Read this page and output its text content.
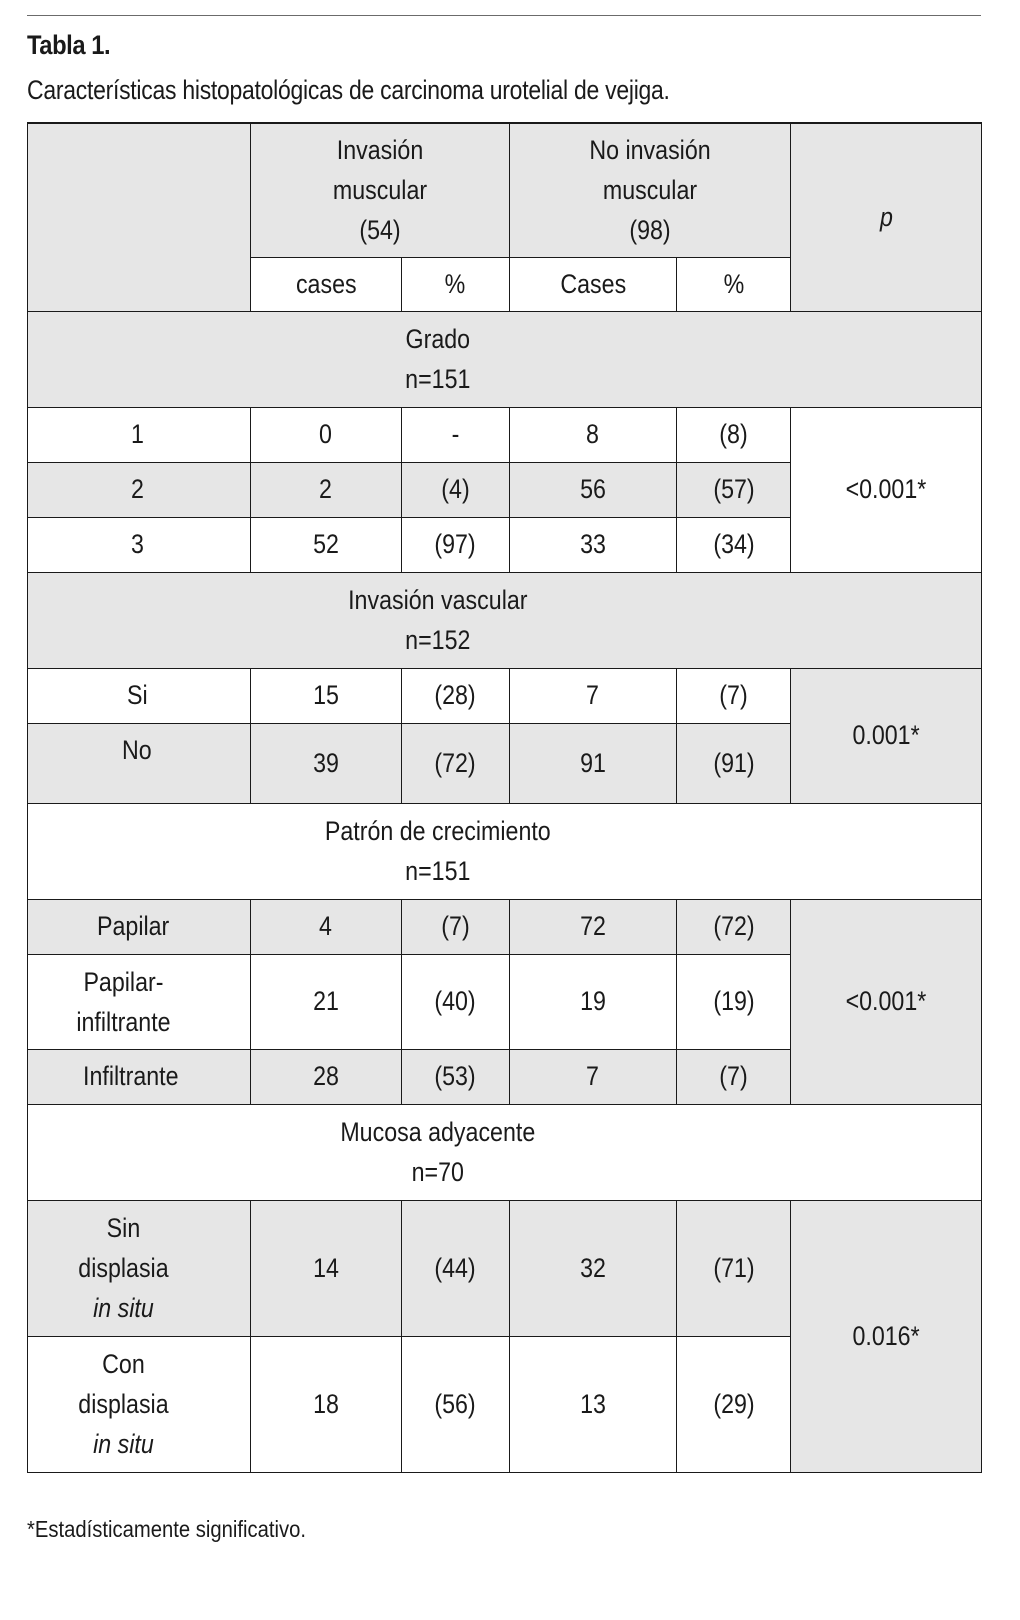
Tabla 1.
Características histopatológicas de carcinoma urotelial de vejiga.

	Invasión
muscular
(54)		No invasión
muscular
(98)		p
	cases	%	Cases	%	

Grado
n=151					

1	0	-	8	(8)	<0.001*
2	2	(4)	56	(57)	
3	52	(97)	33	(34)	

Invasión vascular
n=152					

Si	15	(28)	7	(7)	0.001*
No	39	(72)	91	(91)	

Patrón de crecimiento
n=151					

Papilar	4	(7)	72	(72)	<0.001*

Papilar-
infiltrante	21	(40)	19	(19)	
Infiltrante	28	(53)	7	(7)	

Mucosa adyacente
n=70					

Sin
displasia
in situ	14	(44)	32	(71)	0.016*

Con
displasia
in situ	18	(56)	13	(29)	
*Estadísticamente significativo.
